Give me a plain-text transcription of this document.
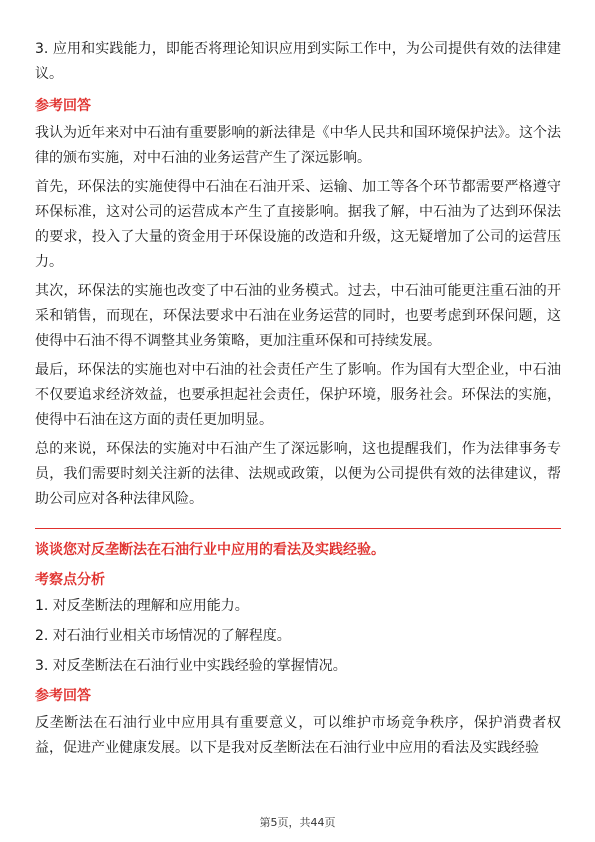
3. 应用和实践能力，即能否将理论知识应用到实际工作中，为公司提供有效的法律建议。

参考回答

我认为近年来对中石油有重要影响的新法律是《中华人民共和国环境保护法》。这个法律的颁布实施，对中石油的业务运营产生了深远影响。

首先，环保法的实施使得中石油在石油开采、运输、加工等各个环节都需要严格遵守环保标准，这对公司的运营成本产生了直接影响。据我了解，中石油为了达到环保法的要求，投入了大量的资金用于环保设施的改造和升级，这无疑增加了公司的运营压力。

其次，环保法的实施也改变了中石油的业务模式。过去，中石油可能更注重石油的开采和销售，而现在，环保法要求中石油在业务运营的同时，也要考虑到环保问题，这使得中石油不得不调整其业务策略，更加注重环保和可持续发展。

最后，环保法的实施也对中石油的社会责任产生了影响。作为国有大型企业，中石油不仅要追求经济效益，也要承担起社会责任，保护环境，服务社会。环保法的实施，使得中石油在这方面的责任更加明显。

总的来说，环保法的实施对中石油产生了深远影响，这也提醒我们，作为法律事务专员，我们需要时刻关注新的法律、法规或政策，以便为公司提供有效的法律建议，帮助公司应对各种法律风险。

谈谈您对反垄断法在石油行业中应用的看法及实践经验。
考察点分析
1. 对反垄断法的理解和应用能力。
2. 对石油行业相关市场情况的了解程度。
3. 对反垄断法在石油行业中实践经验的掌握情况。
参考回答

反垄断法在石油行业中应用具有重要意义，可以维护市场竞争秩序，保护消费者权益，促进产业健康发展。以下是我对反垄断法在石油行业中应用的看法及实践经验

第5页，共44页
